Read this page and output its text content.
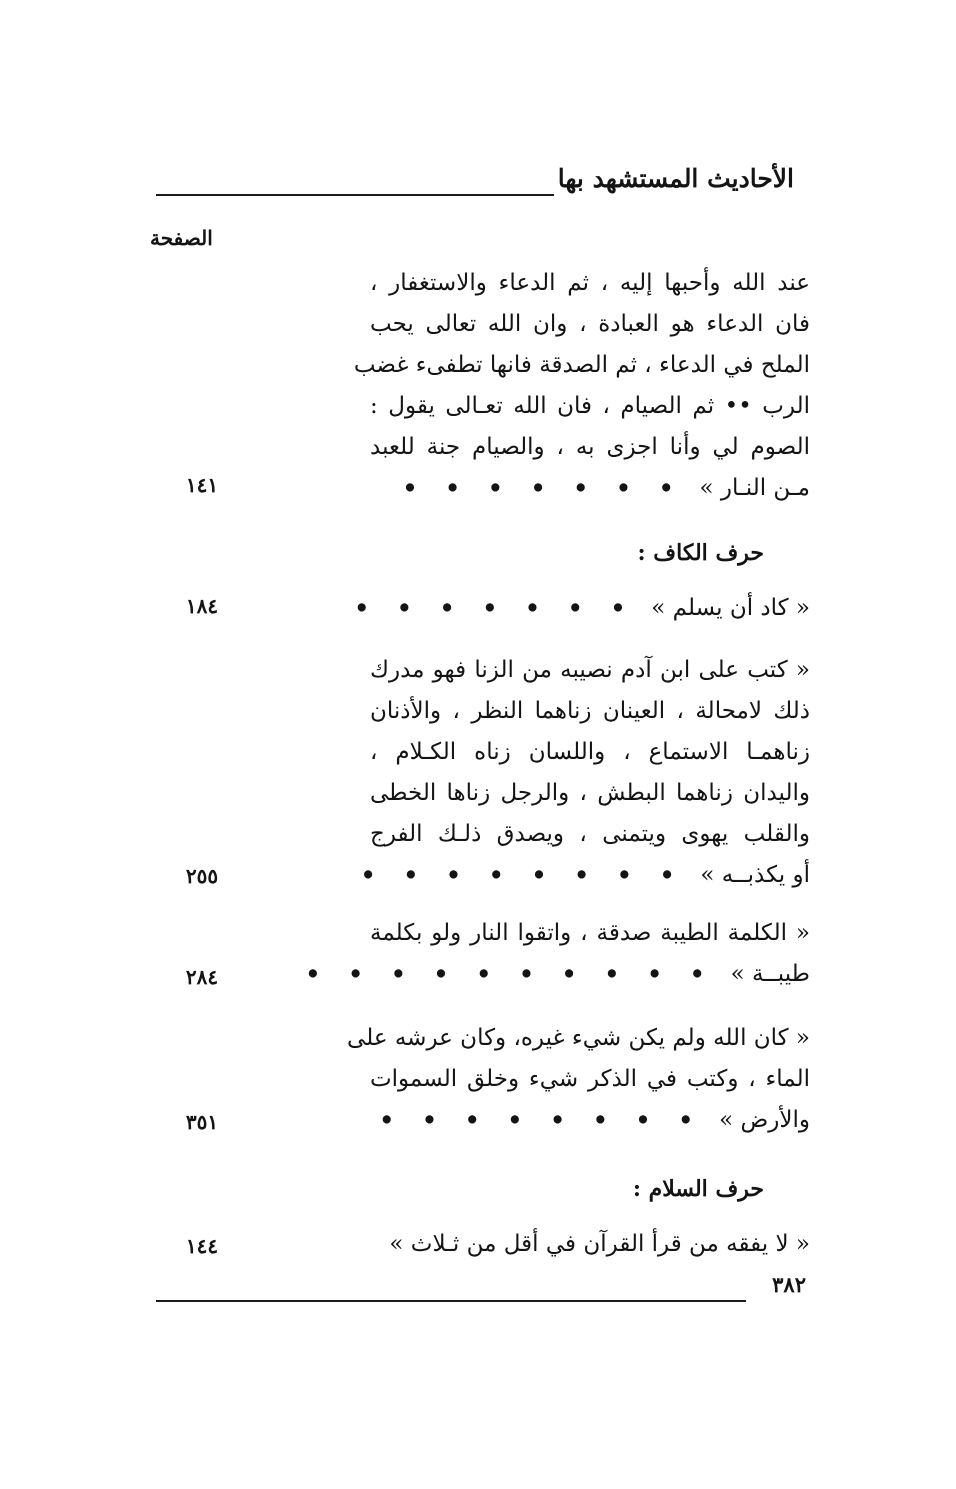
الأحاديث المستشهد بها
الصفحة
عند الله وأحبها إليه ، ثم الدعاء والاستغفار ،
فان الدعاء هو العبادة ، وان الله تعالى يحب
الملح في الدعاء ، ثم الصدقة فانها تطفىء غضب
الرب •• ثم الصيام ، فان الله تعـالى يقول :
الصوم لي وأنا اجزى به ، والصيام جنة للعبد
مـن النـار »
• • • • • • •
١٤١
حرف الكاف :
« كاد أن يسلم »
• • • • • • •
١٨٤
« كتب على ابن آدم نصيبه من الزنا فهو مدرك
ذلك لامحالة ، العينان زناهما النظر ، والأذنان
زناهمـا الاستماع ، واللسان زناه الكـلام ،
واليدان زناهما البطش ، والرجل زناها الخطى
والقلب يهوى ويتمنى ، ويصدق ذلـك الفرج
أو يكذبــه »
• • • • • • • •
٢٥٥
« الكلمة الطيبة صدقة ، واتقوا النار ولو بكلمة
طيبــة »
• • • • • • • • • •
٢٨٤
« كان الله ولم يكن شيء غيره، وكان عرشه على
الماء ، وكتب في الذكر شيء وخلق السموات
والأرض »
• • • • • • • •
٣٥١
حرف السلام :
« لا يفقه من قرأ القرآن في أقل من ثـلاث »
١٤٤
٣٨٢
